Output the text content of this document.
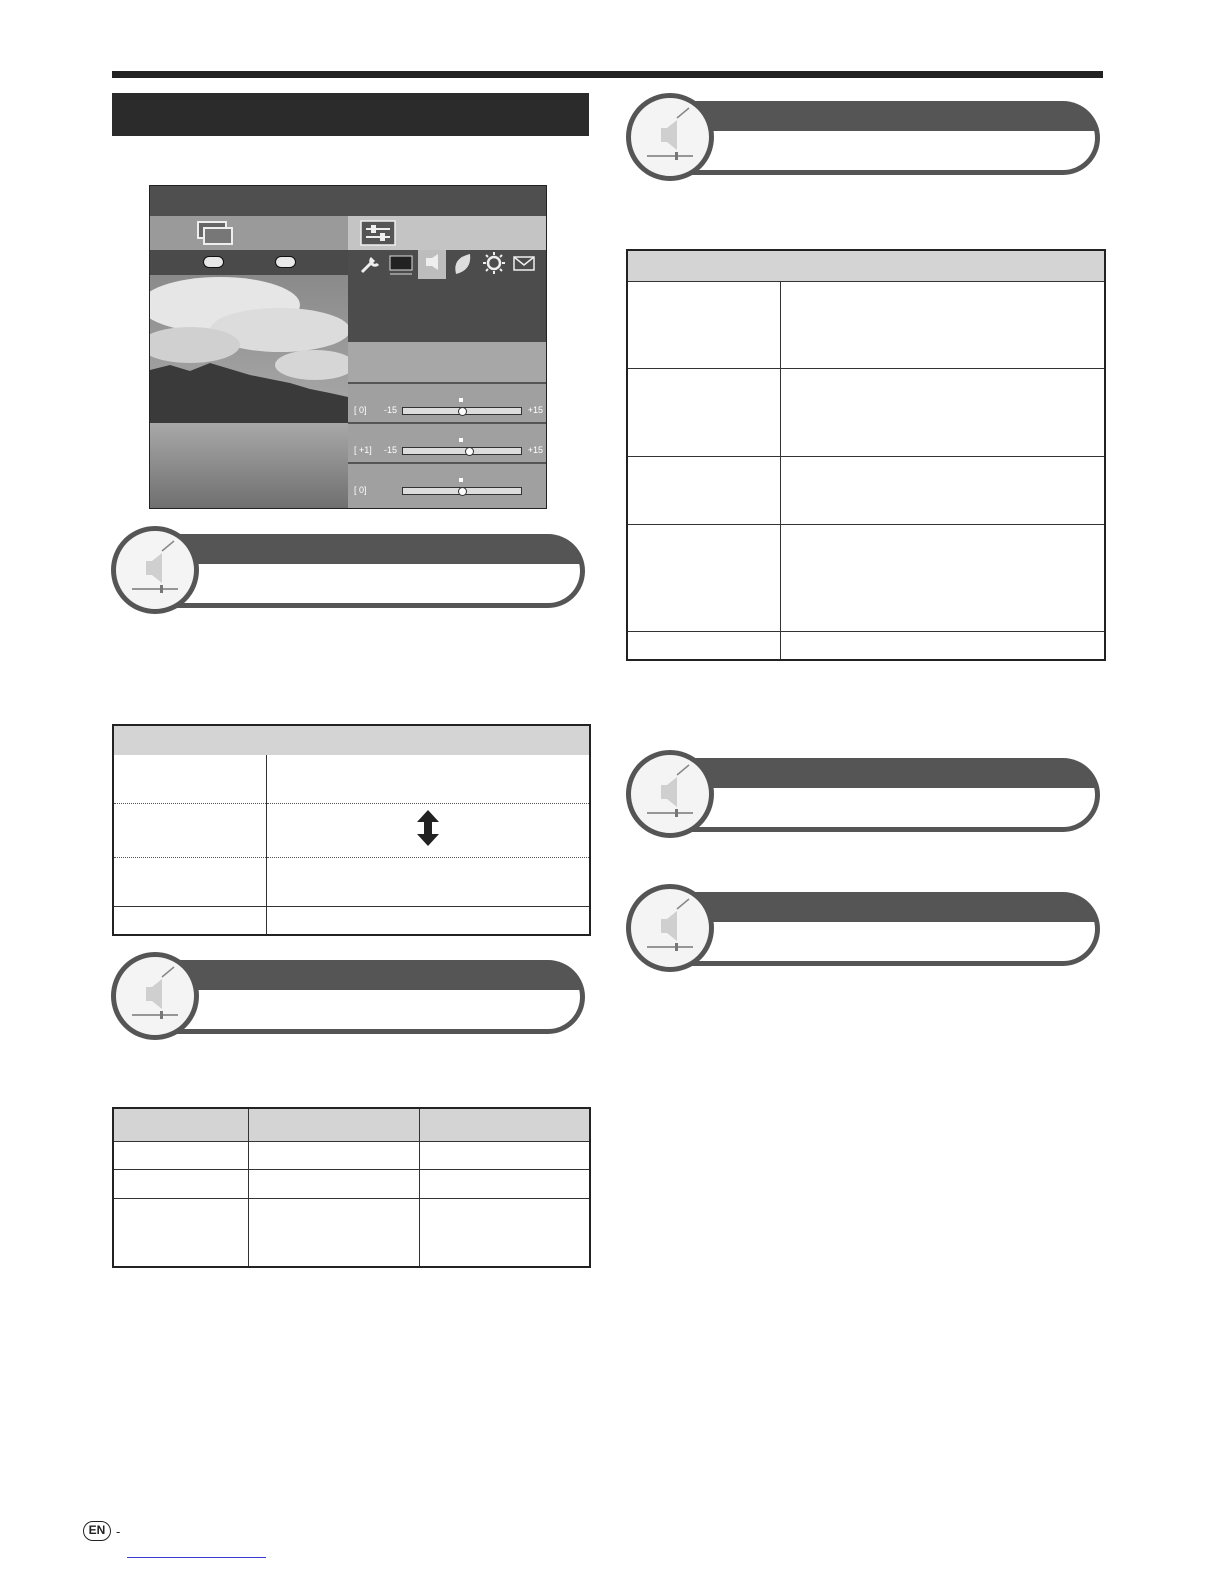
[ 0] -15	+15
[ +1] -15	+15
[ 0]

EN -
